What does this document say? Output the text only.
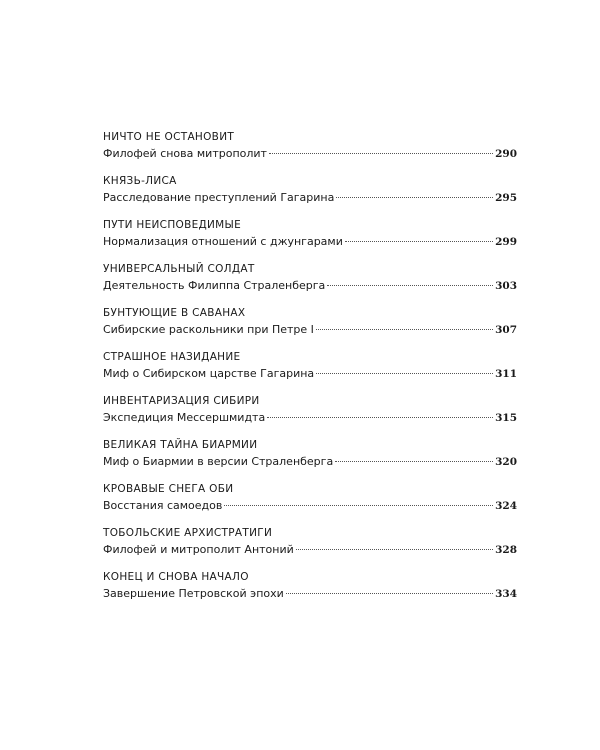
НИЧТО НЕ ОСТАНОВИТ
Филофей снова митрополит	290
КНЯЗЬ-ЛИСА
Расследование преступлений Гагарина	295
ПУТИ НЕИСПОВЕДИМЫЕ
Нормализация отношений с джунгарами	299
УНИВЕРСАЛЬНЫЙ СОЛДАТ
Деятельность Филиппа Страленберга	303
БУНТУЮЩИЕ В САВАНАХ
Сибирские раскольники при Петре I	307
СТРАШНОЕ НАЗИДАНИЕ
Миф о Сибирском царстве Гагарина	311
ИНВЕНТАРИЗАЦИЯ СИБИРИ
Экспедиция Мессершмидта	315
ВЕЛИКАЯ ТАЙНА БИАРМИИ
Миф о Биармии в версии Страленберга	320
КРОВАВЫЕ СНЕГА ОБИ
Восстания самоедов	324
ТОБОЛЬСКИЕ АРХИСТРАТИГИ
Филофей и митрополит Антоний	328
КОНЕЦ И СНОВА НАЧАЛО
Завершение Петровской эпохи	334
